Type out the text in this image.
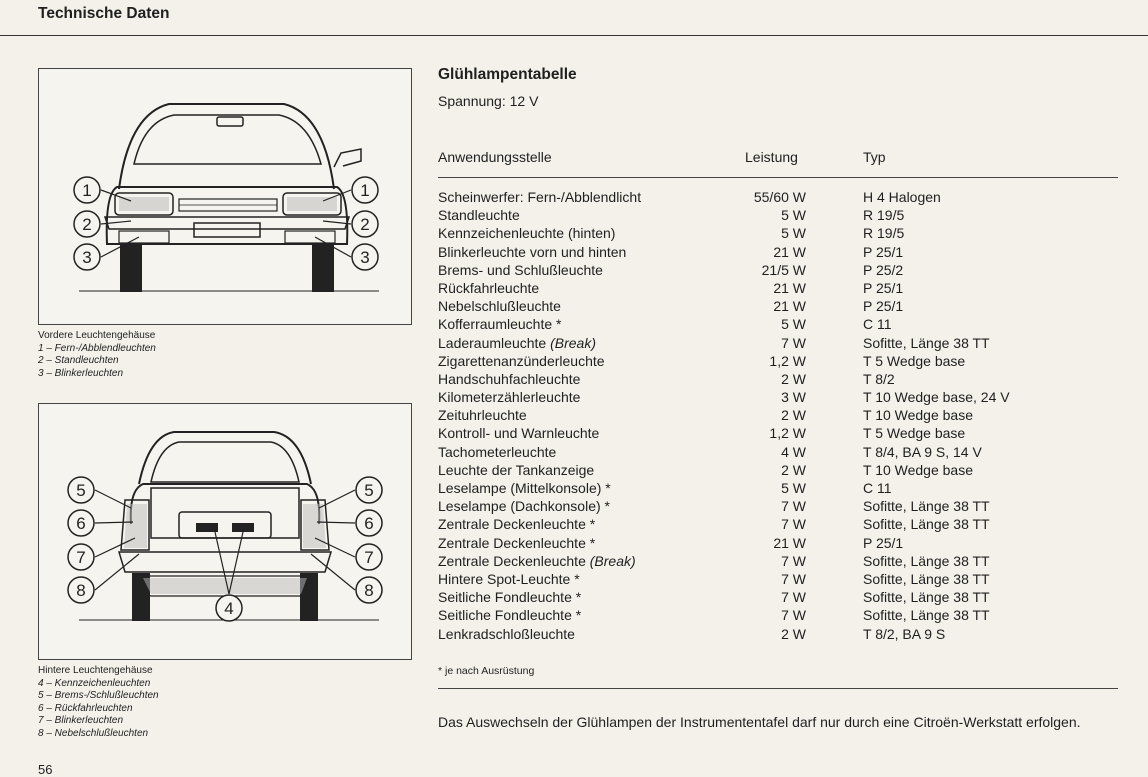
Technische Daten
1
2
3
1
2
3
Vordere Leuchtengehäuse
1 – Fern-/Abblendleuchten
2 – Standleuchten
3 – Blinkerleuchten
5
6
7
8
5
6
7
8
4
Hintere Leuchtengehäuse
4 – Kennzeichenleuchten
5 – Brems-/Schlußleuchten
6 – Rückfahrleuchten
7 – Blinkerleuchten
8 – Nebelschlußleuchten
56
Glühlampentabelle
Spannung: 12 V
Anwendungsstelle	Leistung	Typ
Scheinwerfer: Fern-/Abblendlicht	55/60 W	H 4 Halogen
Standleuchte	5 W	R 19/5
Kennzeichenleuchte (hinten)	5 W	R 19/5
Blinkerleuchte vorn und hinten	21 W	P 25/1
Brems- und Schlußleuchte	21/5 W	P 25/2
Rückfahrleuchte	21 W	P 25/1
Nebelschlußleuchte	21 W	P 25/1
Kofferraumleuchte *	5 W	C 11
Laderaumleuchte (Break)	7 W	Sofitte, Länge 38 TT
Zigarettenanzünderleuchte	1,2 W	T 5 Wedge base
Handschuhfachleuchte	2 W	T 8/2
Kilometerzählerleuchte	3 W	T 10 Wedge base, 24 V
Zeituhrleuchte	2 W	T 10 Wedge base
Kontroll- und Warnleuchte	1,2 W	T 5 Wedge base
Tachometerleuchte	4 W	T 8/4, BA 9 S, 14 V
Leuchte der Tankanzeige	2 W	T 10 Wedge base
Leselampe (Mittelkonsole) *	5 W	C 11
Leselampe (Dachkonsole) *	7 W	Sofitte, Länge 38 TT
Zentrale Deckenleuchte *	7 W	Sofitte, Länge 38 TT
Zentrale Deckenleuchte *	21 W	P 25/1
Zentrale Deckenleuchte (Break)	7 W	Sofitte, Länge 38 TT
Hintere Spot-Leuchte *	7 W	Sofitte, Länge 38 TT
Seitliche Fondleuchte *	7 W	Sofitte, Länge 38 TT
Seitliche Fondleuchte *	7 W	Sofitte, Länge 38 TT
Lenkradschloßleuchte	2 W	T 8/2, BA 9 S
* je nach Ausrüstung
Das Auswechseln der Glühlampen der Instrumententafel darf nur durch eine Citroën-Werkstatt erfolgen.
